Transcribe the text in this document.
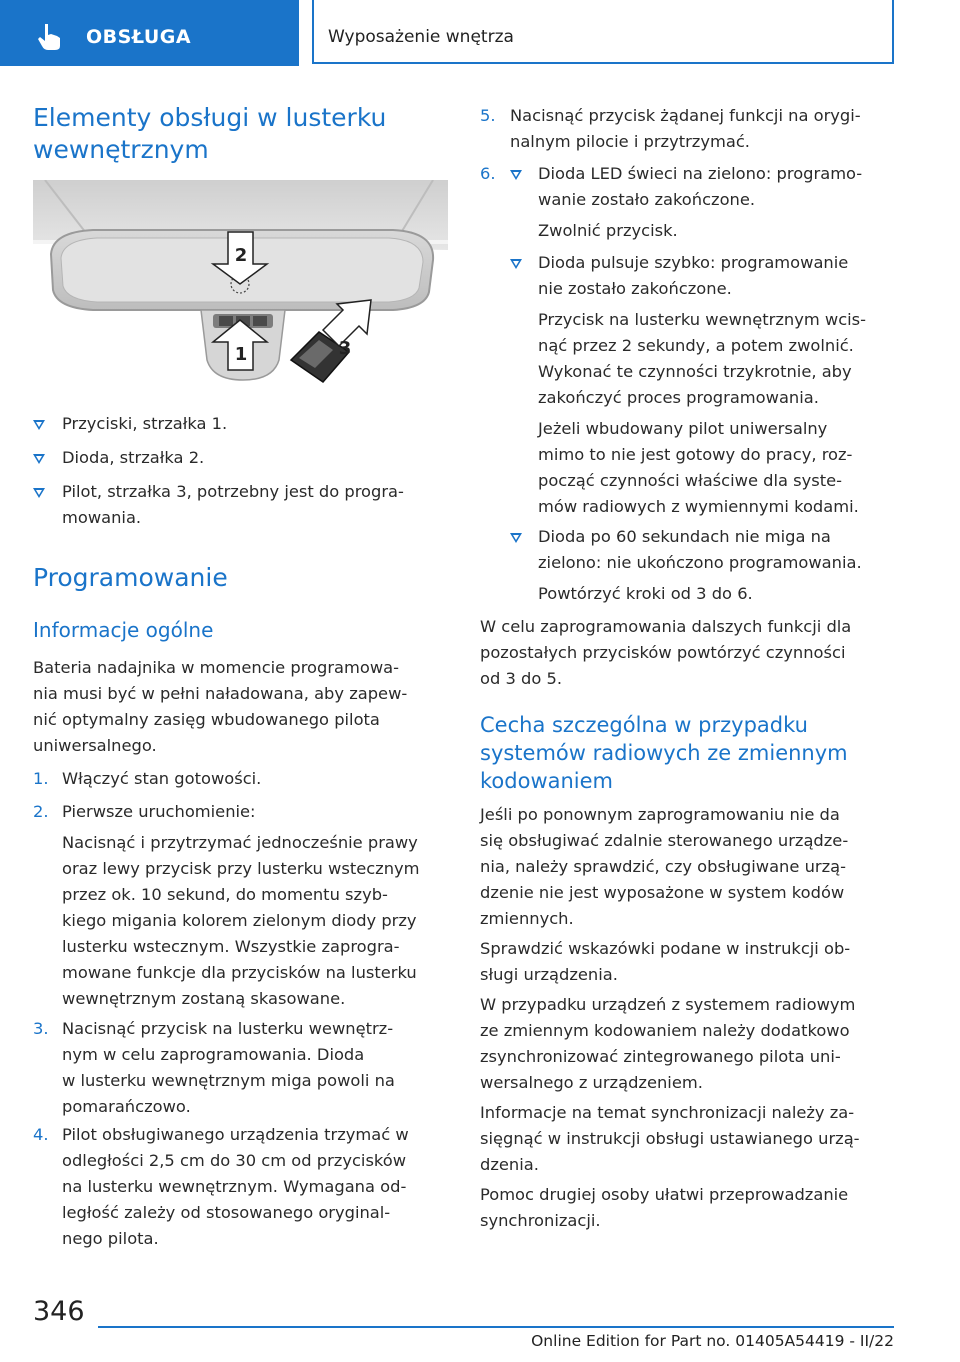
OBSŁUGA	Wyposażenie wnętrza
Elementy obsługi w lusterku
wewnętrznym
2
1	3

Przyciski, strzałka 1.

Dioda, strzałka 2.

Pilot, strzałka 3, potrzebny jest do progra-

mowania.

Programowanie
Informacje ogólne

Bateria nadajnika w momencie programowa-

nia musi być w pełni naładowana, aby zapew-

nić optymalny zasięg wbudowanego pilota

uniwersalnego.

1. Włączyć stan gotowości.

2. Pierwsze uruchomienie:

Nacisnąć i przytrzymać jednocześnie prawy

oraz lewy przycisk przy lusterku wstecznym

przez ok. 10 sekund, do momentu szyb-

kiego migania kolorem zielonym diody przy

lusterku wstecznym. Wszystkie zaprogra-

mowane funkcje dla przycisków na lusterku

wewnętrznym zostaną skasowane.

3. Nacisnąć przycisk na lusterku wewnętrz-

nym w celu zaprogramowania. Dioda

w lusterku wewnętrznym miga powoli na

pomarańczowo.

4. Pilot obsługiwanego urządzenia trzymać w

odległości 2,5 cm do 30 cm od przycisków

na lusterku wewnętrznym. Wymagana od-

ległość zależy od stosowanego oryginal-

nego pilota.

5. Nacisnąć przycisk żądanej funkcji na orygi-

nalnym pilocie i przytrzymać.

6.	Dioda LED świeci na zielono: programo-

wanie zostało zakończone.

Zwolnić przycisk.

Dioda pulsuje szybko: programowanie

nie zostało zakończone.

Przycisk na lusterku wewnętrznym wcis-

nąć przez 2 sekundy, a potem zwolnić.

Wykonać te czynności trzykrotnie, aby

zakończyć proces programowania.

Jeżeli wbudowany pilot uniwersalny

mimo to nie jest gotowy do pracy, roz-

począć czynności właściwe dla syste-

mów radiowych z wymiennymi kodami.

Dioda po 60 sekundach nie miga na

zielono: nie ukończono programowania.

Powtórzyć kroki od 3 do 6.

W celu zaprogramowania dalszych funkcji dla

pozostałych przycisków powtórzyć czynności

od 3 do 5.

Cecha szczególna w przypadku
systemów radiowych ze zmiennym
kodowaniem

Jeśli po ponownym zaprogramowaniu nie da

się obsługiwać zdalnie sterowanego urządze-

nia, należy sprawdzić, czy obsługiwane urzą-

dzenie nie jest wyposażone w system kodów

zmiennych.

Sprawdzić wskazówki podane w instrukcji ob-

sługi urządzenia.

W przypadku urządzeń z systemem radiowym

ze zmiennym kodowaniem należy dodatkowo

zsynchronizować zintegrowanego pilota uni-

wersalnego z urządzeniem.

Informacje na temat synchronizacji należy za-

sięgnąć w instrukcji obsługi ustawianego urzą-

dzenia.

Pomoc drugiej osoby ułatwi przeprowadzanie

synchronizacji.

346
Online Edition for Part no. 01405A54419 - II/22
